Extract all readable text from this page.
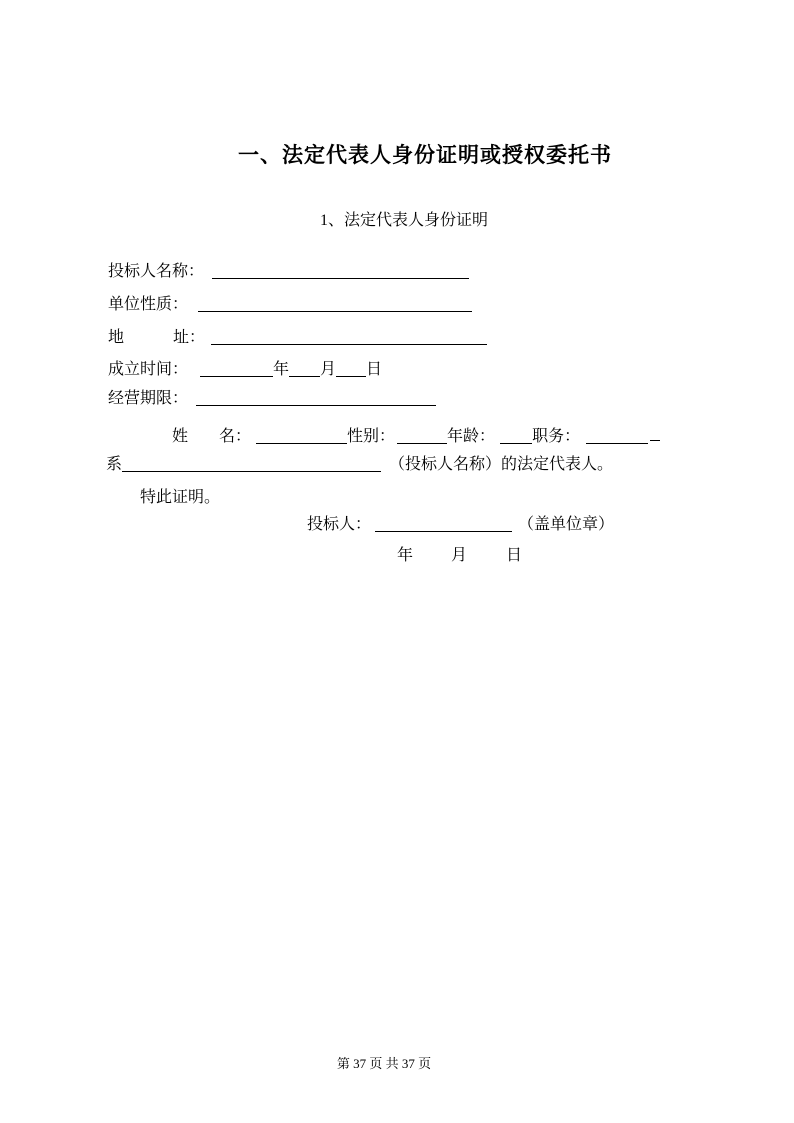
一、法定代表人身份证明或授权委托书
1、法定代表人身份证明
投标人名称：
单位性质：
地	址：
成立时间：	年 月 日
经营期限：
姓 名：	性别：	年龄： 职务：
系	（投标人名称）的法定代表人。
特此证明。
投标人：	（盖单位章）
年 月 日
第 37 页 共 37 页
